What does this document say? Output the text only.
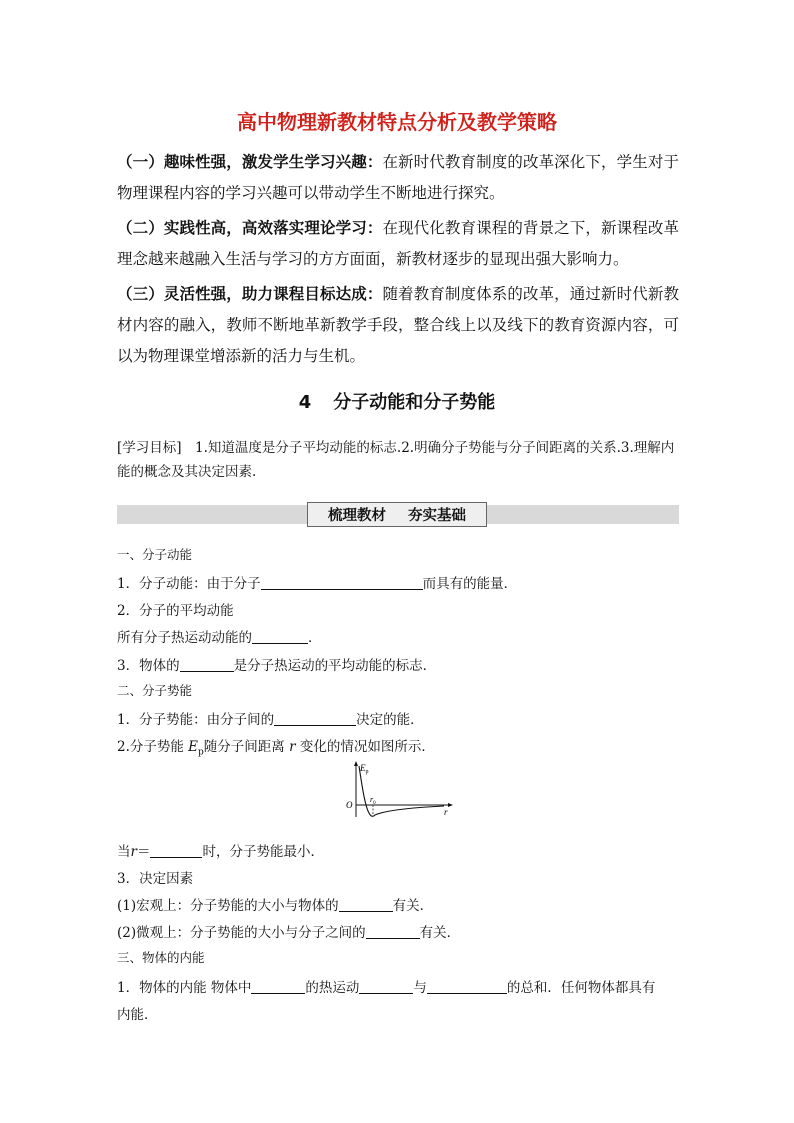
高中物理新教材特点分析及教学策略

（一）趣味性强，激发学生学习兴趣：在新时代教育制度的改革深化下，学生对于物理课程内容的学习兴趣可以带动学生不断地进行探究。

（二）实践性高，高效落实理论学习：在现代化教育课程的背景之下，新课程改革理念越来越融入生活与学习的方方面面，新教材逐步的显现出强大影响力。

（三）灵活性强，助力课程目标达成：随着教育制度体系的改革，通过新时代新教材内容的融入，教师不断地革新教学手段，整合线上以及线下的教育资源内容，可以为物理课堂增添新的活力与生机。

4 分子动能和分子势能
[学习目标]　1.知道温度是分子平均动能的标志.2.明确分子势能与分子间距离的关系.3.理解内能的概念及其决定因素.
梳理教材 夯实基础
一、分子动能
1．分子动能：由于分子	而具有的能量．
2．分子的平均动能
所有分子热运动动能的	．
3．物体的	是分子热运动的平均动能的标志．
二、分子势能
1．分子势能：由分子间的	决定的能．
2.分子势能 $E_p$随分子间距离 r 变化的情况如图所示．
$E_p$
O
$r_0$
r
当r＝	时，分子势能最小．
3．决定因素
(1)宏观上：分子势能的大小与物体的	有关．
(2)微观上：分子势能的大小与分子之间的	有关．
三、物体的内能
1．物体的内能 物体中	的热运动	与	的总和．任何物体都具有
内能．
